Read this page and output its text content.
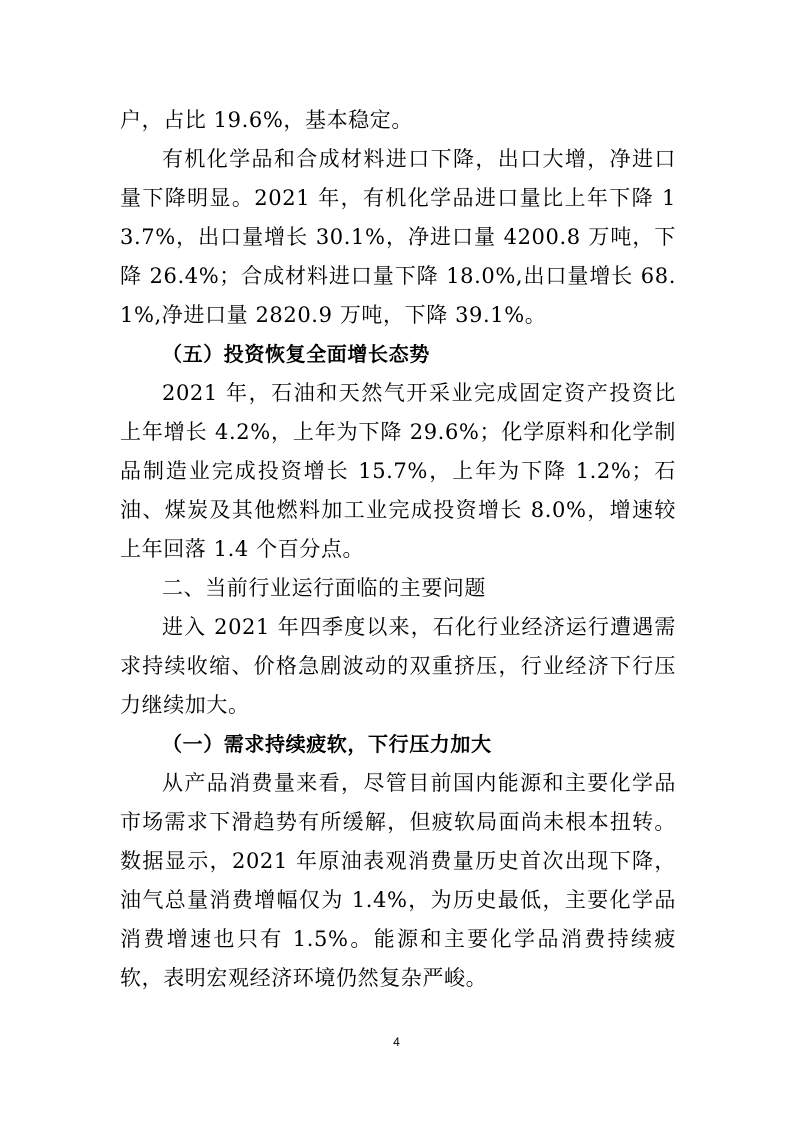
户，占比 19.6%，基本稳定。

有机化学品和合成材料进口下降，出口大增，净进口量下降明显。2021 年，有机化学品进口量比上年下降 13.7%，出口量增长 30.1%，净进口量 4200.8 万吨，下降 26.4%；合成材料进口量下降 18.0%,出口量增长 68.1%,净进口量 2820.9 万吨，下降 39.1%。

（五）投资恢复全面增长态势

2021 年，石油和天然气开采业完成固定资产投资比上年增长 4.2%，上年为下降 29.6%；化学原料和化学制品制造业完成投资增长 15.7%，上年为下降 1.2%；石油、煤炭及其他燃料加工业完成投资增长 8.0%，增速较上年回落 1.4 个百分点。

二、当前行业运行面临的主要问题

进入 2021 年四季度以来，石化行业经济运行遭遇需求持续收缩、价格急剧波动的双重挤压，行业经济下行压力继续加大。

（一）需求持续疲软，下行压力加大

从产品消费量来看，尽管目前国内能源和主要化学品市场需求下滑趋势有所缓解，但疲软局面尚未根本扭转。数据显示，2021 年原油表观消费量历史首次出现下降，油气总量消费增幅仅为 1.4%，为历史最低，主要化学品消费增速也只有 1.5%。能源和主要化学品消费持续疲软，表明宏观经济环境仍然复杂严峻。

4
